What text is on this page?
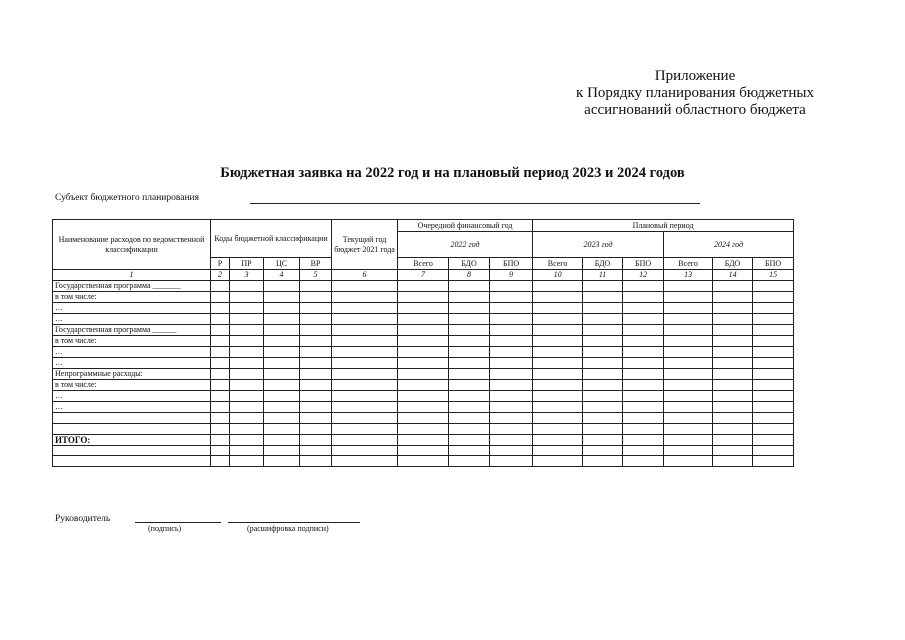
Приложение
к Порядку планирования бюджетных
ассигнований областного бюджета
Бюджетная заявка на 2022 год и на плановый период 2023 и 2024 годов
Субъект бюджетного планирования
Наименование расходов по ведомственной классификации	Коды бюджетной классификации				Текущий год бюджет 2021 года	Очередной финансовый год			Плановый период					
						2022 год			2023 год			2024 год		
	Р	ПР	ЦС	ВР		Всего	БДО	БПО	Всего	БДО	БПО	Всего	БДО	БПО
1	2	3	4	5	6	7	8	9	10	11	12	13	14	15
Государственная программа _______														
в том числе:														
…														
…														
Государственная программа ______														
в том числе:														
…														
…														
Непрограммные расходы:														
в том числе:														
…														
…														

ИТОГО:														

Руководитель
(подпись)	(расшифровка подписи)
